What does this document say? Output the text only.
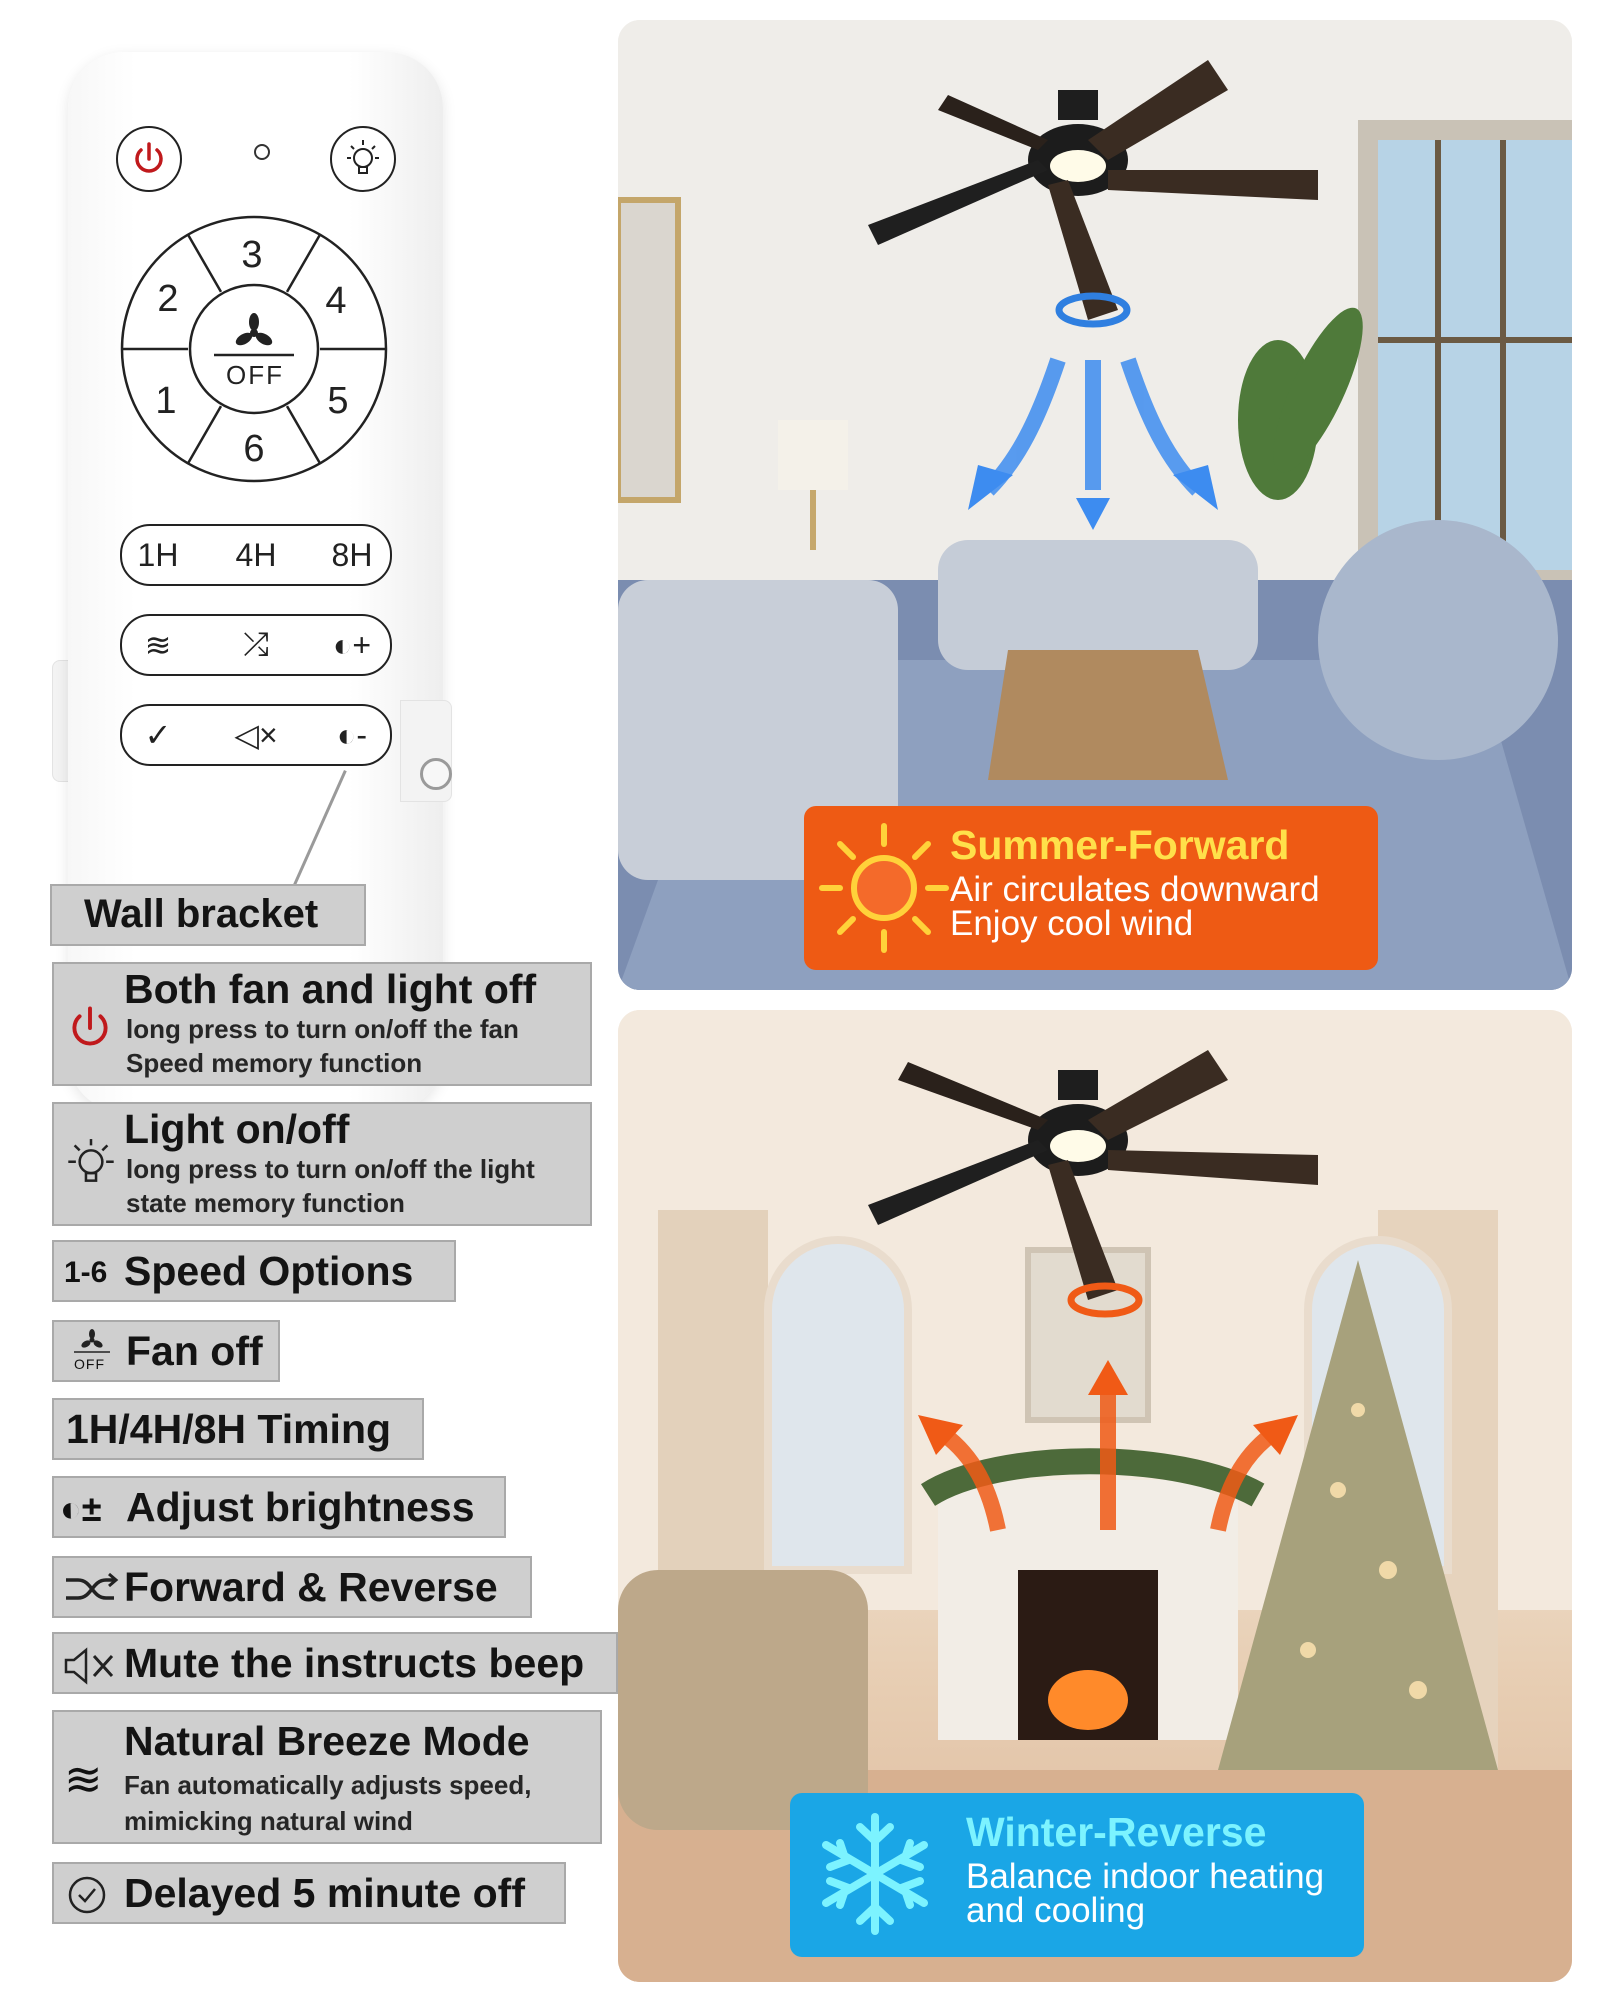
1
2
3
4
5
6
OFF
1H	4H	8H
≋ ⤮ ◐+
✓ ◁× ◐-
Wall bracket
Both fan and light off
long press to turn on/off the fan
Speed memory function
Light on/off
long press to turn on/off the light
state memory function
1-6 Speed Options
OFF Fan off
1H/4H/8H Timing
◐± Adjust brightness
Forward & Reverse
Mute the instructs beep
≋
Natural Breeze Mode
Fan automatically adjusts speed,
mimicking natural wind
Delayed 5 minute off
Summer-Forward
Air circulates downward
Enjoy cool wind
Winter-Reverse
Balance indoor heating
and cooling
